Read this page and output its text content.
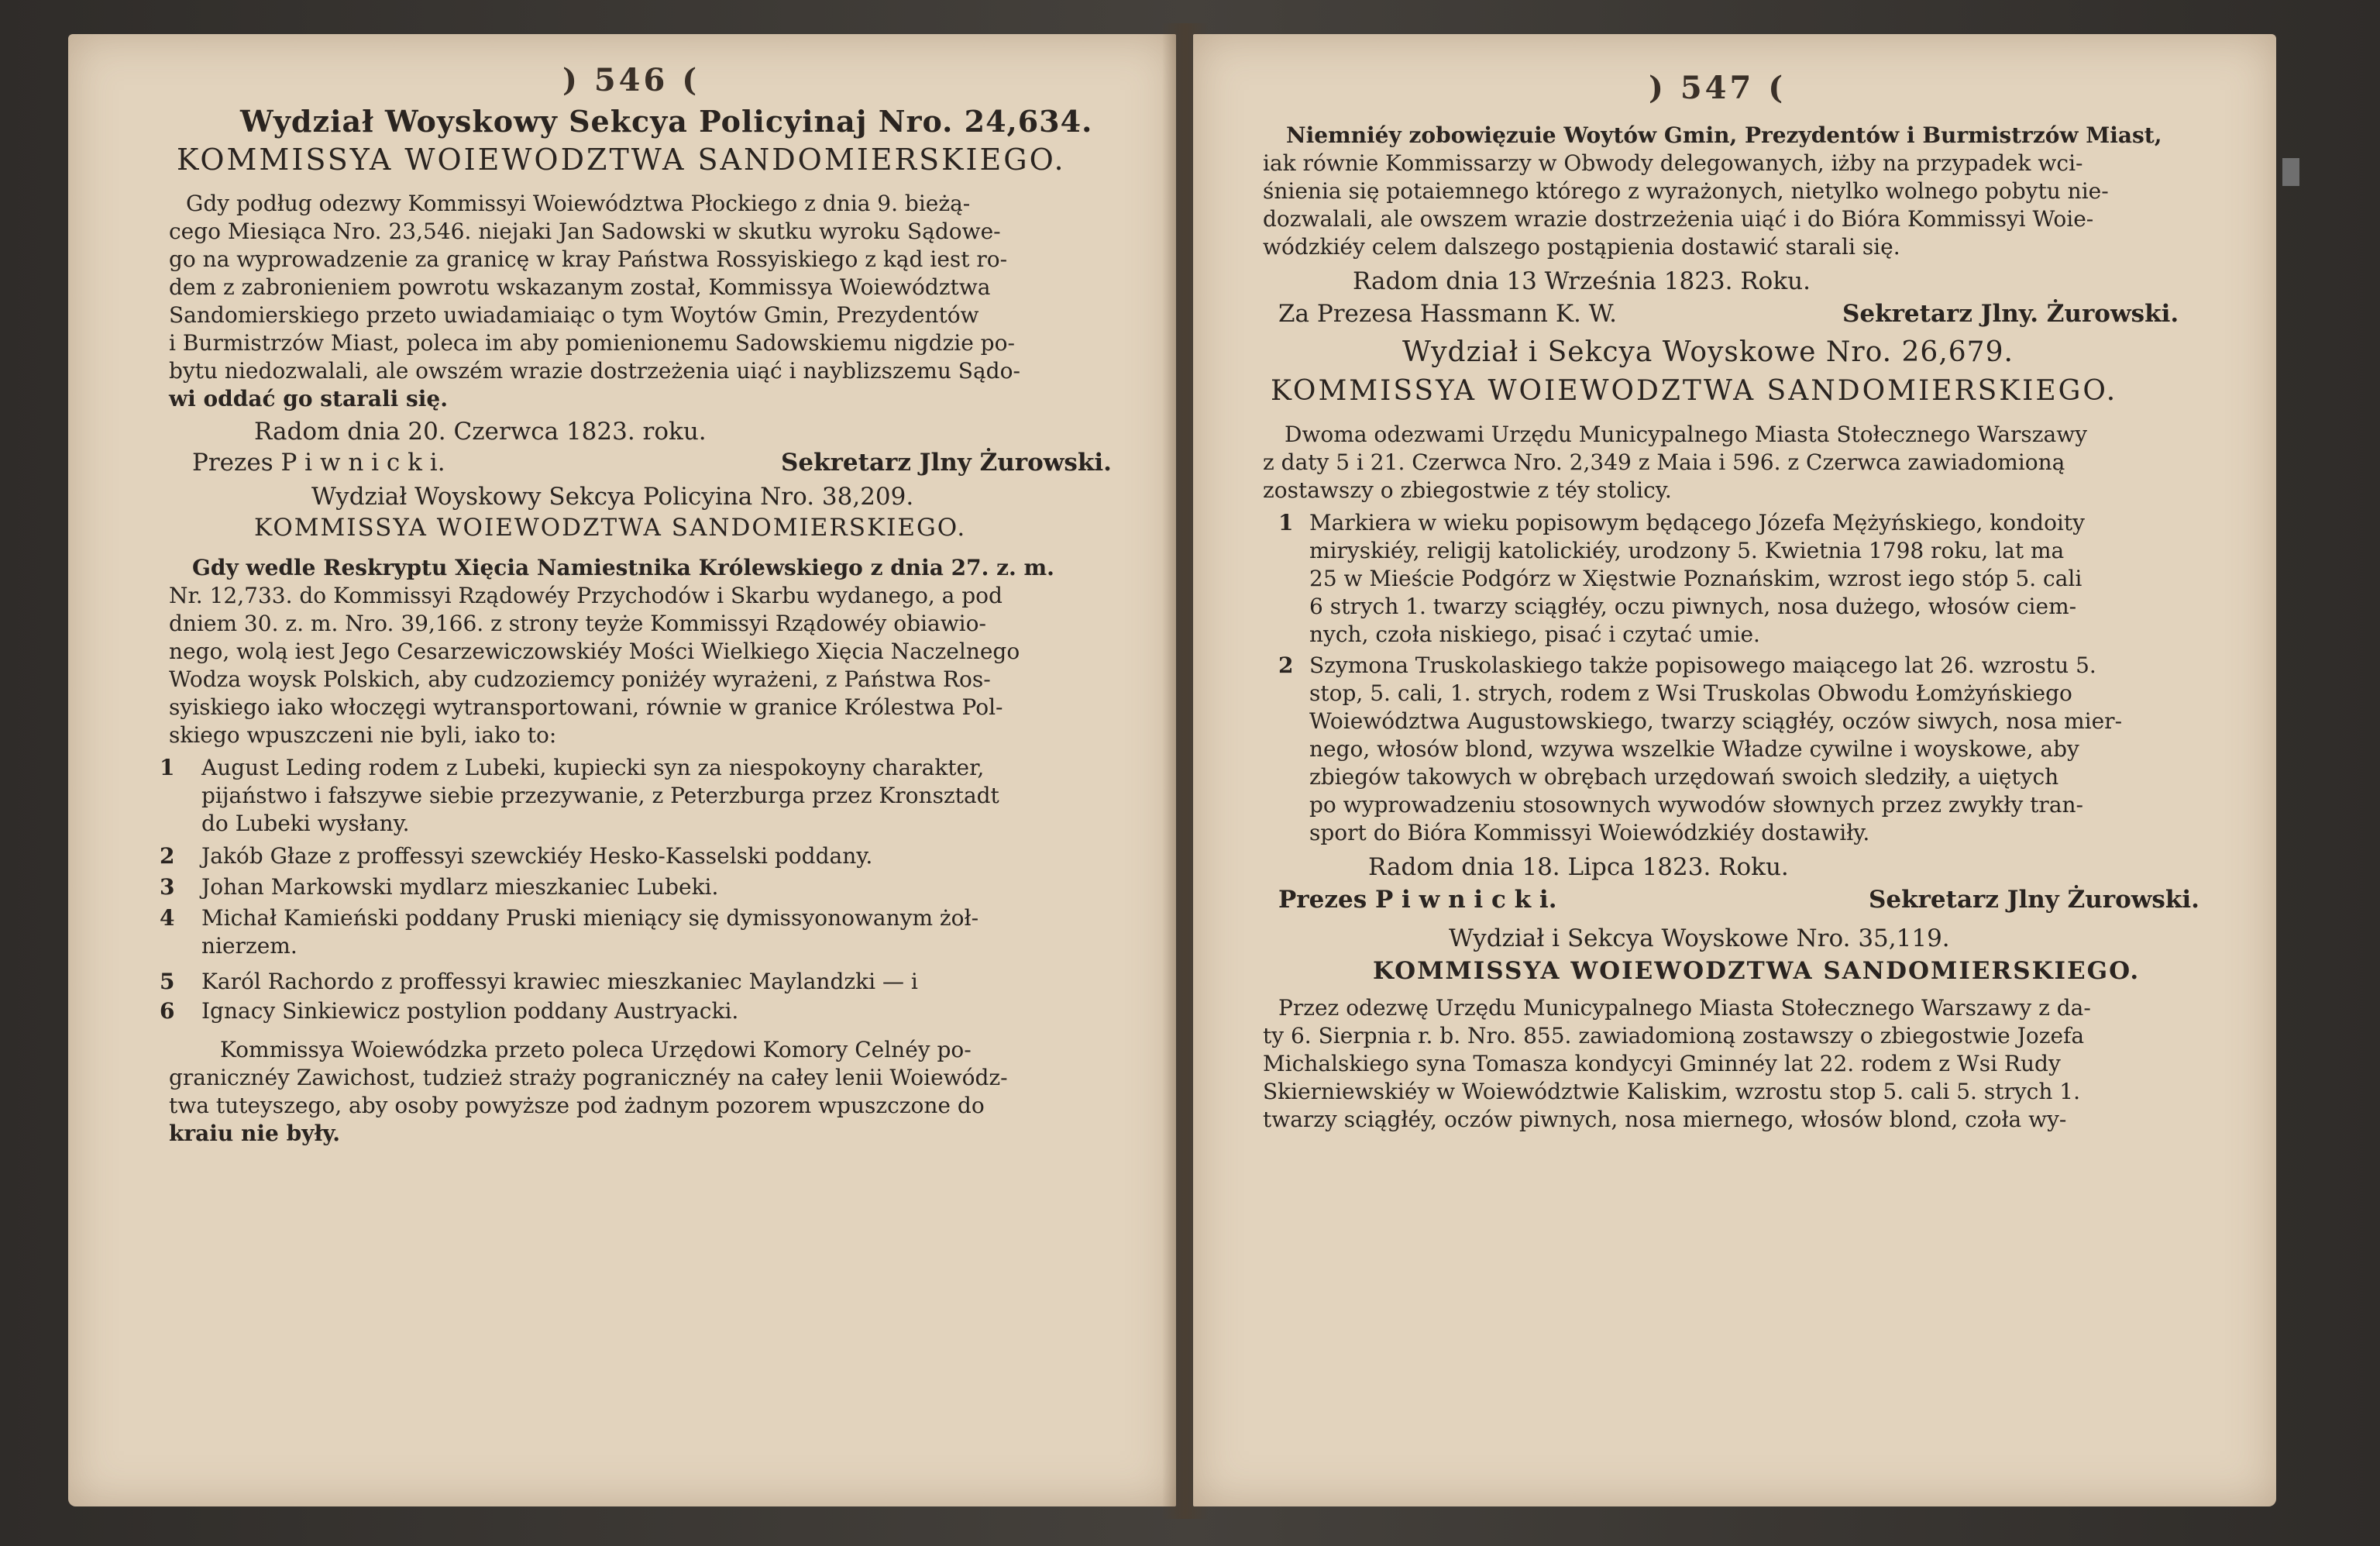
) 546 (
Wydział Woyskowy Sekcya Policyinaj Nro. 24,634.
KOMMISSYA WOIEWODZTWA SANDOMIERSKIEGO.
Gdy podług odezwy Kommissyi Woiewództwa Płockiego z dnia 9. bieżą-
cego Miesiąca Nro. 23,546. niejaki Jan Sadowski w skutku wyroku Sądowe-
go na wyprowadzenie za granicę w kray Państwa Rossyiskiego z kąd iest ro-
dem z zabronieniem powrotu wskazanym został, Kommissya Woiewództwa
Sandomierskiego przeto uwiadamiaiąc o tym Woytów Gmin, Prezydentów
i Burmistrzów Miast, poleca im aby pomienionemu Sadowskiemu nigdzie po-
bytu niedozwalali, ale owszém wrazie dostrzeżenia uiąć i nayblizszemu Sądo-
wi oddać go starali się.
Radom dnia 20. Czerwca 1823. roku.
Prezes P i w n i c k i.	Sekretarz Jlny Żurowski.
Wydział Woyskowy Sekcya Policyina Nro. 38,209.
KOMMISSYA WOIEWODZTWA SANDOMIERSKIEGO.
Gdy wedle Reskryptu Xięcia Namiestnika Królewskiego z dnia 27. z. m.
Nr. 12,733. do Kommissyi Rządowéy Przychodów i Skarbu wydanego, a pod
dniem 30. z. m. Nro. 39,166. z strony teyże Kommissyi Rządowéy obiawio-
nego, wolą iest Jego Cesarzewiczowskiéy Mości Wielkiego Xięcia Naczelnego
Wodza woysk Polskich, aby cudzoziemcy poniżéy wyrażeni, z Państwa Ros-
syiskiego iako włoczęgi wytransportowani, równie w granice Królestwa Pol-
skiego wpuszczeni nie byli, iako to:
1 August Leding rodem z Lubeki, kupiecki syn za niespokoyny charakter,
pijaństwo i fałszywe siebie przezywanie, z Peterzburga przez Kronsztadt
do Lubeki wysłany.
2 Jakób Głaze z proffessyi szewckiéy Hesko-Kasselski poddany.
3 Johan Markowski mydlarz mieszkaniec Lubeki.
4 Michał Kamieński poddany Pruski mieniący się dymissyonowanym żoł-
nierzem.
5 Karól Rachordo z proffessyi krawiec mieszkaniec Maylandzki — i
6 Ignacy Sinkiewicz postylion poddany Austryacki.
Kommissya Woiewódzka przeto poleca Urzędowi Komory Celnéy po-
granicznéy Zawichost, tudzież straży pogranicznéy na całey lenii Woiewódz-
twa tuteyszego, aby osoby powyższe pod żadnym pozorem wpuszczone do
kraiu nie były.
) 547 (
Niemniéy zobowięzuie Woytów Gmin, Prezydentów i Burmistrzów Miast,
iak równie Kommissarzy w Obwody delegowanych, iżby na przypadek wci-
śnienia się potaiemnego którego z wyrażonych, nietylko wolnego pobytu nie-
dozwalali, ale owszem wrazie dostrzeżenia uiąć i do Bióra Kommissyi Woie-
wódzkiéy celem dalszego postąpienia dostawić starali się.
Radom dnia 13 Września 1823. Roku.
Za Prezesa Hassmann K. W.	Sekretarz Jlny. Żurowski.
Wydział i Sekcya Woyskowe Nro. 26,679.
KOMMISSYA WOIEWODZTWA SANDOMIERSKIEGO.
Dwoma odezwami Urzędu Municypalnego Miasta Stołecznego Warszawy
z daty 5 i 21. Czerwca Nro. 2,349 z Maia i 596. z Czerwca zawiadomioną
zostawszy o zbiegostwie z téy stolicy.
1 Markiera w wieku popisowym będącego Józefa Mężyńskiego, kondoity
miryskiéy, religij katolickiéy, urodzony 5. Kwietnia 1798 roku, lat ma
25 w Mieście Podgórz w Xięstwie Poznańskim, wzrost iego stóp 5. cali
6 strych 1. twarzy sciągłéy, oczu piwnych, nosa dużego, włosów ciem-
nych, czoła niskiego, pisać i czytać umie.
2 Szymona Truskolaskiego także popisowego maiącego lat 26. wzrostu 5.
stop, 5. cali, 1. strych, rodem z Wsi Truskolas Obwodu Łomżyńskiego
Woiewództwa Augustowskiego, twarzy sciągłéy, oczów siwych, nosa mier-
nego, włosów blond, wzywa wszelkie Władze cywilne i woyskowe, aby
zbiegów takowych w obrębach urzędowań swoich sledziły, a uiętych
po wyprowadzeniu stosownych wywodów słownych przez zwykły tran-
sport do Bióra Kommissyi Woiewódzkiéy dostawiły.
Radom dnia 18. Lipca 1823. Roku.
Prezes P i w n i c k i.	Sekretarz Jlny Żurowski.
Wydział i Sekcya Woyskowe Nro. 35,119.
KOMMISSYA WOIEWODZTWA SANDOMIERSKIEGO.
Przez odezwę Urzędu Municypalnego Miasta Stołecznego Warszawy z da-
ty 6. Sierpnia r. b. Nro. 855. zawiadomioną zostawszy o zbiegostwie Jozefa
Michalskiego syna Tomasza kondycyi Gminnéy lat 22. rodem z Wsi Rudy
Skierniewskiéy w Woiewództwie Kaliskim, wzrostu stop 5. cali 5. strych 1.
twarzy sciągłéy, oczów piwnych, nosa miernego, włosów blond, czoła wy-
